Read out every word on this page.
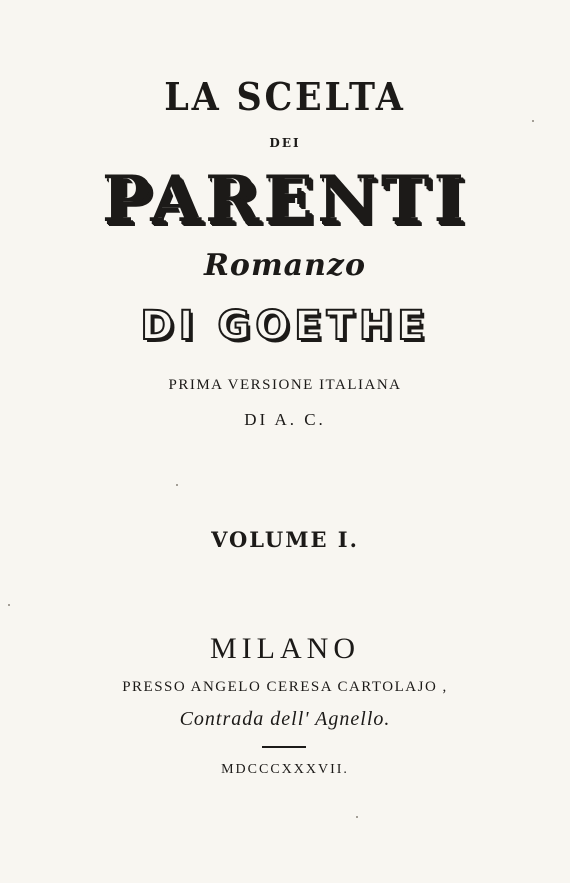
LA SCELTA
DEI
PARENTI
Romanzo
DI GOETHE
PRIMA VERSIONE ITALIANA
DI A. C.
VOLUME I.
MILANO
PRESSO ANGELO CERESA CARTOLAJO ,
Contrada dell' Agnello.
MDCCCXXXVII.
